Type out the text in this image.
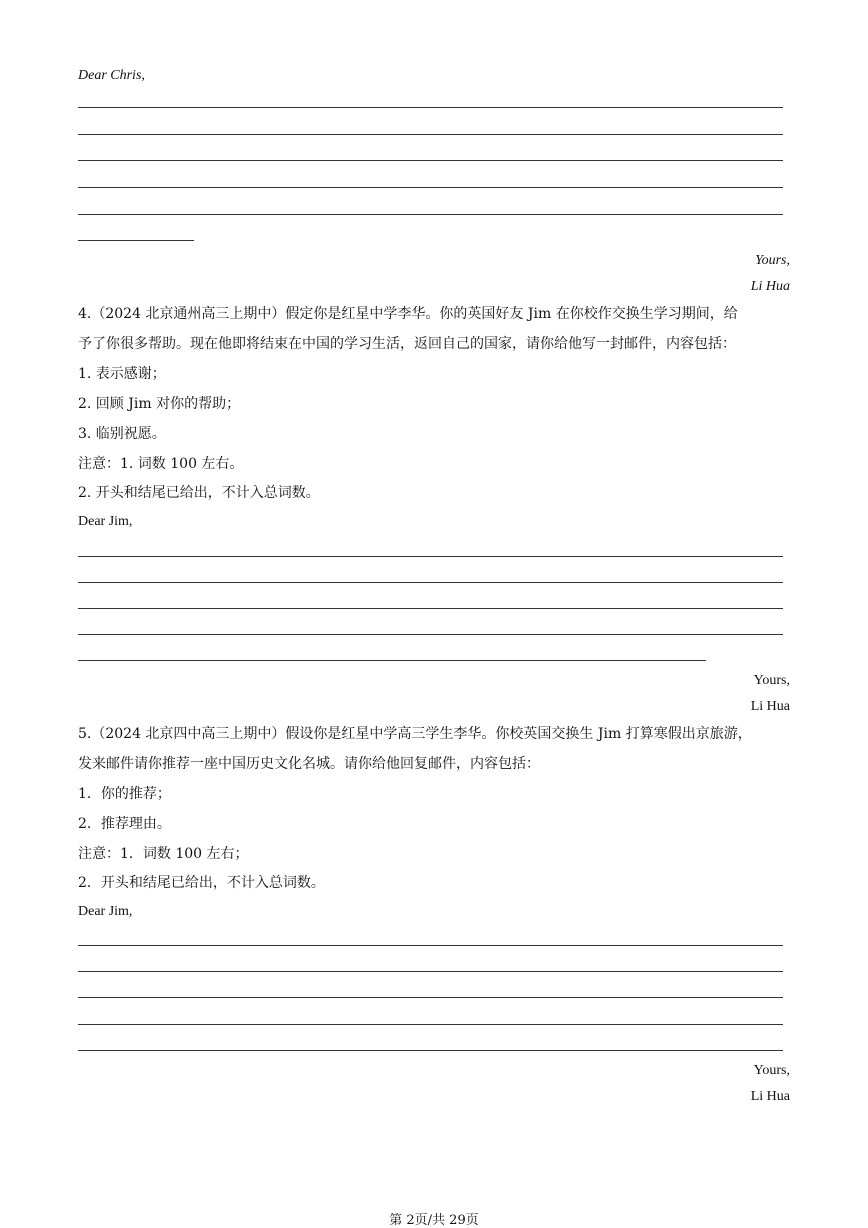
Dear Chris,
Yours,
Li Hua
4.（2024 北京通州高三上期中）假定你是红星中学李华。你的英国好友 Jim 在你校作交换生学习期间，给
予了你很多帮助。现在他即将结束在中国的学习生活，返回自己的国家，请你给他写一封邮件，内容包括：
1. 表示感谢；
2. 回顾 Jim 对你的帮助；
3. 临别祝愿。
注意：1. 词数 100 左右。
2. 开头和结尾已给出，不计入总词数。
Dear Jim,
Yours,
Li Hua
5.（2024 北京四中高三上期中）假设你是红星中学高三学生李华。你校英国交换生 Jim 打算寒假出京旅游，
发来邮件请你推荐一座中国历史文化名城。请你给他回复邮件，内容包括：
1．你的推荐；
2．推荐理由。
注意：1．词数 100 左右；
2．开头和结尾已给出，不计入总词数。
Dear Jim,
Yours,
Li Hua
第 2页/共 29页
